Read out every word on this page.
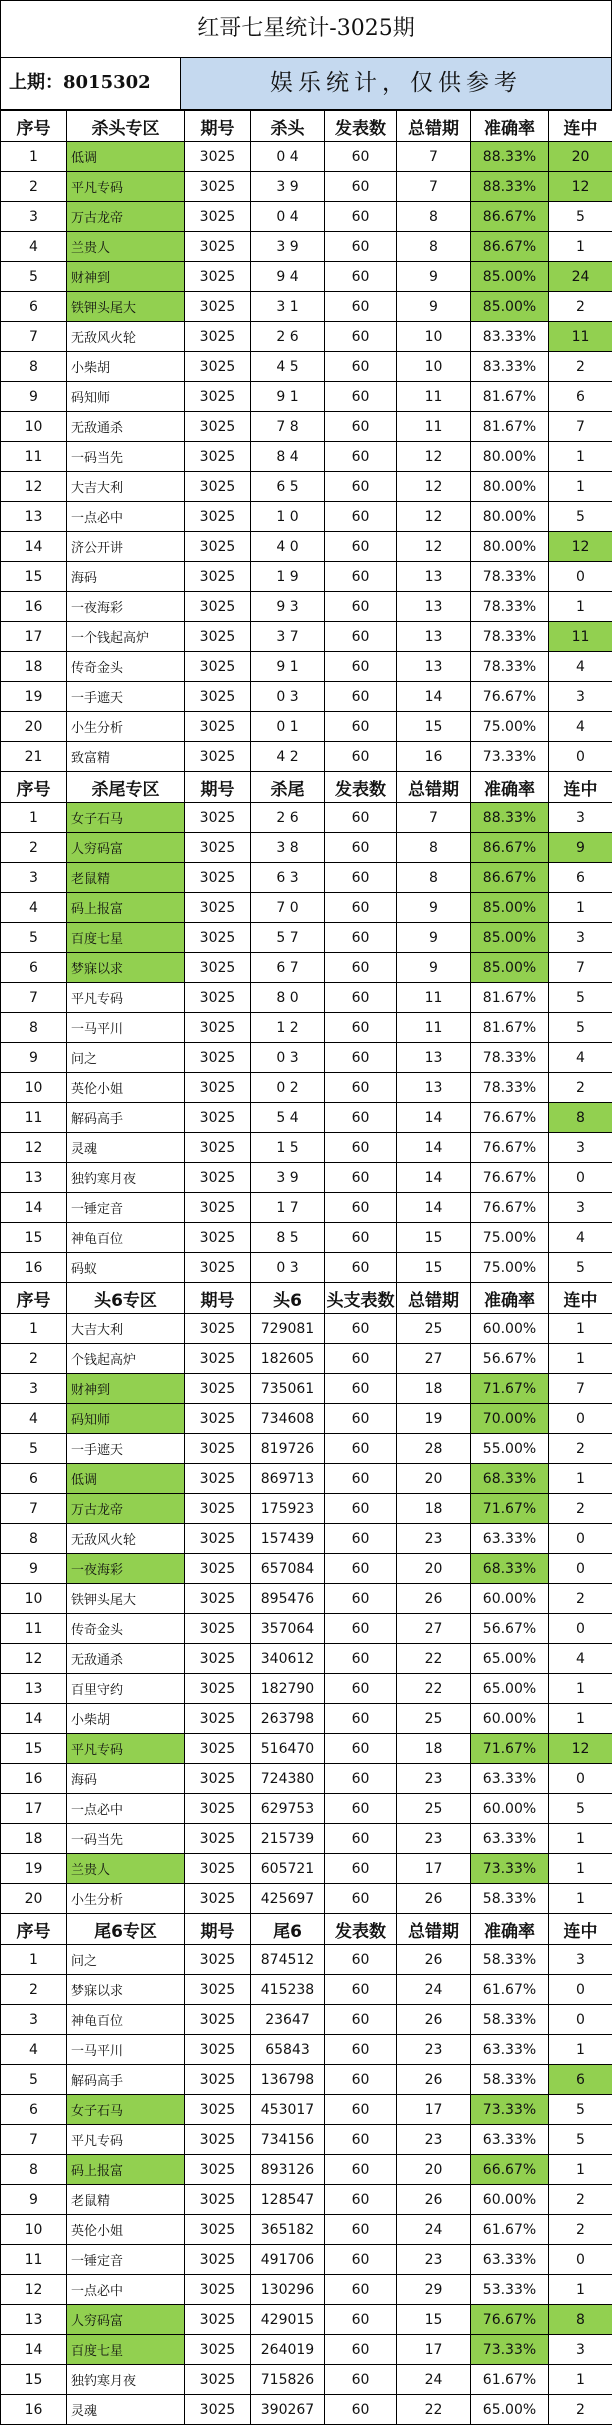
红哥七星统计-3025期
上期：8015302	娱乐统计，仅供参考
序号	杀头专区	期号	杀头	发表数	总错期	准确率	连中
1	低调	3025	0 4	60	7	88.33%	20
2	平凡专码	3025	3 9	60	7	88.33%	12
3	万古龙帝	3025	0 4	60	8	86.67%	5
4	兰贵人	3025	3 9	60	8	86.67%	1
5	财神到	3025	9 4	60	9	85.00%	24
6	铁钾头尾大	3025	3 1	60	9	85.00%	2
7	无敌风火轮	3025	2 6	60	10	83.33%	11
8	小柴胡	3025	4 5	60	10	83.33%	2
9	码知师	3025	9 1	60	11	81.67%	6
10	无敌通杀	3025	7 8	60	11	81.67%	7
11	一码当先	3025	8 4	60	12	80.00%	1
12	大吉大利	3025	6 5	60	12	80.00%	1
13	一点必中	3025	1 0	60	12	80.00%	5
14	济公开讲	3025	4 0	60	12	80.00%	12
15	海码	3025	1 9	60	13	78.33%	0
16	一夜海彩	3025	9 3	60	13	78.33%	1
17	一个钱起高炉	3025	3 7	60	13	78.33%	11
18	传奇金头	3025	9 1	60	13	78.33%	4
19	一手遮天	3025	0 3	60	14	76.67%	3
20	小生分析	3025	0 1	60	15	75.00%	4
21	致富精	3025	4 2	60	16	73.33%	0
序号	杀尾专区	期号	杀尾	发表数	总错期	准确率	连中
1	女子石马	3025	2 6	60	7	88.33%	3
2	人穷码富	3025	3 8	60	8	86.67%	9
3	老鼠精	3025	6 3	60	8	86.67%	6
4	码上报富	3025	7 0	60	9	85.00%	1
5	百度七星	3025	5 7	60	9	85.00%	3
6	梦寐以求	3025	6 7	60	9	85.00%	7
7	平凡专码	3025	8 0	60	11	81.67%	5
8	一马平川	3025	1 2	60	11	81.67%	5
9	问之	3025	0 3	60	13	78.33%	4
10	英伦小姐	3025	0 2	60	13	78.33%	2
11	解码高手	3025	5 4	60	14	76.67%	8
12	灵魂	3025	1 5	60	14	76.67%	3
13	独钓寒月夜	3025	3 9	60	14	76.67%	0
14	一锤定音	3025	1 7	60	14	76.67%	3
15	神龟百位	3025	8 5	60	15	75.00%	4
16	码蚁	3025	0 3	60	15	75.00%	5
序号	头6专区	期号	头6	头支表数	总错期	准确率	连中
1	大吉大利	3025	729081	60	25	60.00%	1
2	个钱起高炉	3025	182605	60	27	56.67%	1
3	财神到	3025	735061	60	18	71.67%	7
4	码知师	3025	734608	60	19	70.00%	0
5	一手遮天	3025	819726	60	28	55.00%	2
6	低调	3025	869713	60	20	68.33%	1
7	万古龙帝	3025	175923	60	18	71.67%	2
8	无敌风火轮	3025	157439	60	23	63.33%	0
9	一夜海彩	3025	657084	60	20	68.33%	0
10	铁钾头尾大	3025	895476	60	26	60.00%	2
11	传奇金头	3025	357064	60	27	56.67%	0
12	无敌通杀	3025	340612	60	22	65.00%	4
13	百里守约	3025	182790	60	22	65.00%	1
14	小柴胡	3025	263798	60	25	60.00%	1
15	平凡专码	3025	516470	60	18	71.67%	12
16	海码	3025	724380	60	23	63.33%	0
17	一点必中	3025	629753	60	25	60.00%	5
18	一码当先	3025	215739	60	23	63.33%	1
19	兰贵人	3025	605721	60	17	73.33%	1
20	小生分析	3025	425697	60	26	58.33%	1
序号	尾6专区	期号	尾6	发表数	总错期	准确率	连中
1	问之	3025	874512	60	26	58.33%	3
2	梦寐以求	3025	415238	60	24	61.67%	0
3	神龟百位	3025	23647	60	26	58.33%	0
4	一马平川	3025	65843	60	23	63.33%	1
5	解码高手	3025	136798	60	26	58.33%	6
6	女子石马	3025	453017	60	17	73.33%	5
7	平凡专码	3025	734156	60	23	63.33%	5
8	码上报富	3025	893126	60	20	66.67%	1
9	老鼠精	3025	128547	60	26	60.00%	2
10	英伦小姐	3025	365182	60	24	61.67%	2
11	一锤定音	3025	491706	60	23	63.33%	0
12	一点必中	3025	130296	60	29	53.33%	1
13	人穷码富	3025	429015	60	15	76.67%	8
14	百度七星	3025	264019	60	17	73.33%	3
15	独钓寒月夜	3025	715826	60	24	61.67%	1
16	灵魂	3025	390267	60	22	65.00%	2
